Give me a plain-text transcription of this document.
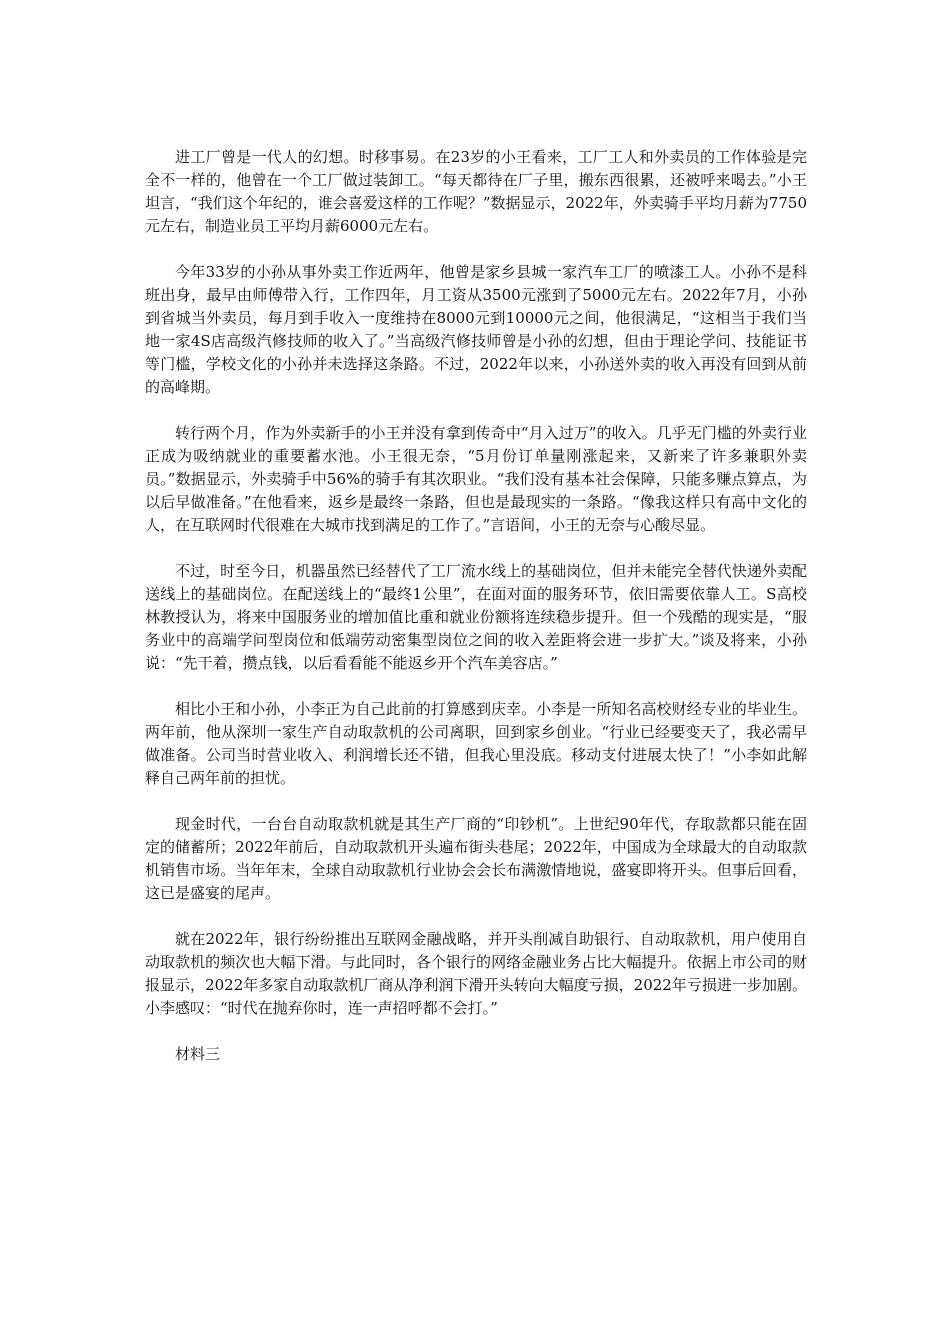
进工厂曾是一代人的幻想。时移事易。在23岁的小王看来，工厂工人和外卖员的工作体验是完全不一样的，他曾在一个工厂做过装卸工。“每天都待在厂子里，搬东西很累，还被呼来喝去。”小王坦言，“我们这个年纪的，谁会喜爱这样的工作呢？”数据显示，2022年，外卖骑手平均月薪为7750元左右，制造业员工平均月薪6000元左右。

今年33岁的小孙从事外卖工作近两年，他曾是家乡县城一家汽车工厂的喷漆工人。小孙不是科班出身，最早由师傅带入行，工作四年，月工资从3500元涨到了5000元左右。2022年7月，小孙到省城当外卖员，每月到手收入一度维持在8000元到10000元之间，他很满足，“这相当于我们当地一家4S店高级汽修技师的收入了。”当高级汽修技师曾是小孙的幻想，但由于理论学问、技能证书等门槛，学校文化的小孙并未选择这条路。不过，2022年以来，小孙送外卖的收入再没有回到从前的高峰期。

转行两个月，作为外卖新手的小王并没有拿到传奇中“月入过万”的收入。几乎无门槛的外卖行业正成为吸纳就业的重要蓄水池。小王很无奈，“5月份订单量刚涨起来，又新来了许多兼职外卖员。”数据显示，外卖骑手中56%的骑手有其次职业。“我们没有基本社会保障，只能多赚点算点，为以后早做准备。”在他看来，返乡是最终一条路，但也是最现实的一条路。“像我这样只有高中文化的人，在互联网时代很难在大城市找到满足的工作了。”言语间，小王的无奈与心酸尽显。

不过，时至今日，机器虽然已经替代了工厂流水线上的基础岗位，但并未能完全替代快递外卖配送线上的基础岗位。在配送线上的“最终1公里”，在面对面的服务环节，依旧需要依靠人工。S高校林教授认为，将来中国服务业的增加值比重和就业份额将连续稳步提升。但一个残酷的现实是，“服务业中的高端学问型岗位和低端劳动密集型岗位之间的收入差距将会进一步扩大。”谈及将来，小孙说：“先干着，攒点钱，以后看看能不能返乡开个汽车美容店。”

相比小王和小孙，小李正为自己此前的打算感到庆幸。小李是一所知名高校财经专业的毕业生。两年前，他从深圳一家生产自动取款机的公司离职，回到家乡创业。“行业已经要变天了，我必需早做准备。公司当时营业收入、利润增长还不错，但我心里没底。移动支付进展太快了！”小李如此解释自己两年前的担忧。

现金时代，一台台自动取款机就是其生产厂商的“印钞机”。上世纪90年代，存取款都只能在固定的储蓄所；2022年前后，自动取款机开头遍布街头巷尾；2022年，中国成为全球最大的自动取款机销售市场。当年年末，全球自动取款机行业协会会长布满激情地说，盛宴即将开头。但事后回看，这已是盛宴的尾声。

就在2022年，银行纷纷推出互联网金融战略，并开头削减自助银行、自动取款机，用户使用自动取款机的频次也大幅下滑。与此同时，各个银行的网络金融业务占比大幅提升。依据上市公司的财报显示，2022年多家自动取款机厂商从净利润下滑开头转向大幅度亏损，2022年亏损进一步加剧。小李感叹：“时代在抛弃你时，连一声招呼都不会打。”

材料三
